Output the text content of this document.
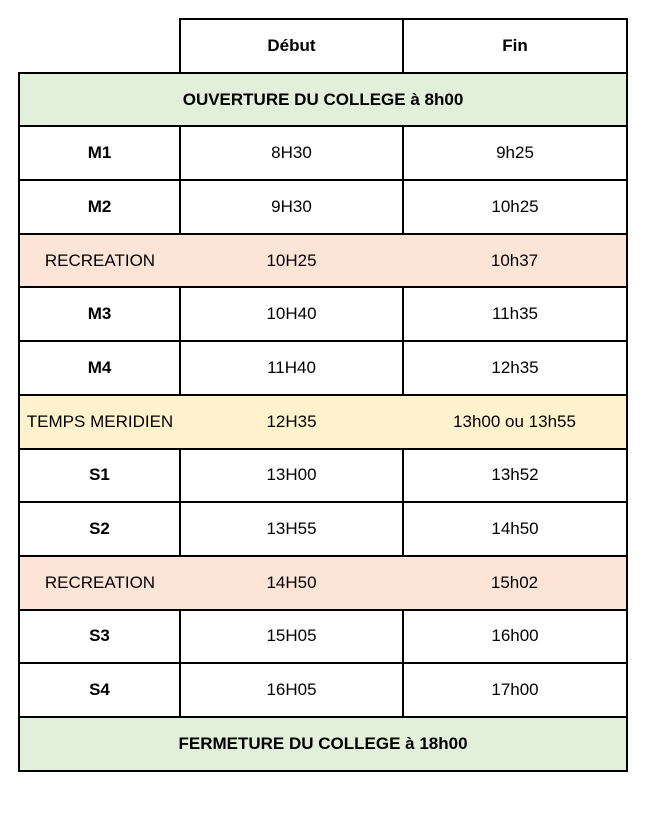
	Début	Fin
OUVERTURE DU COLLEGE à 8h00		
M1	8H30	9h25
M2	9H30	10h25
RECREATION	10H25	10h37
M3	10H40	11h35
M4	11H40	12h35
TEMPS MERIDIEN	12H35	13h00 ou 13h55
S1	13H00	13h52
S2	13H55	14h50
RECREATION	14H50	15h02
S3	15H05	16h00
S4	16H05	17h00
FERMETURE DU COLLEGE à 18h00		
